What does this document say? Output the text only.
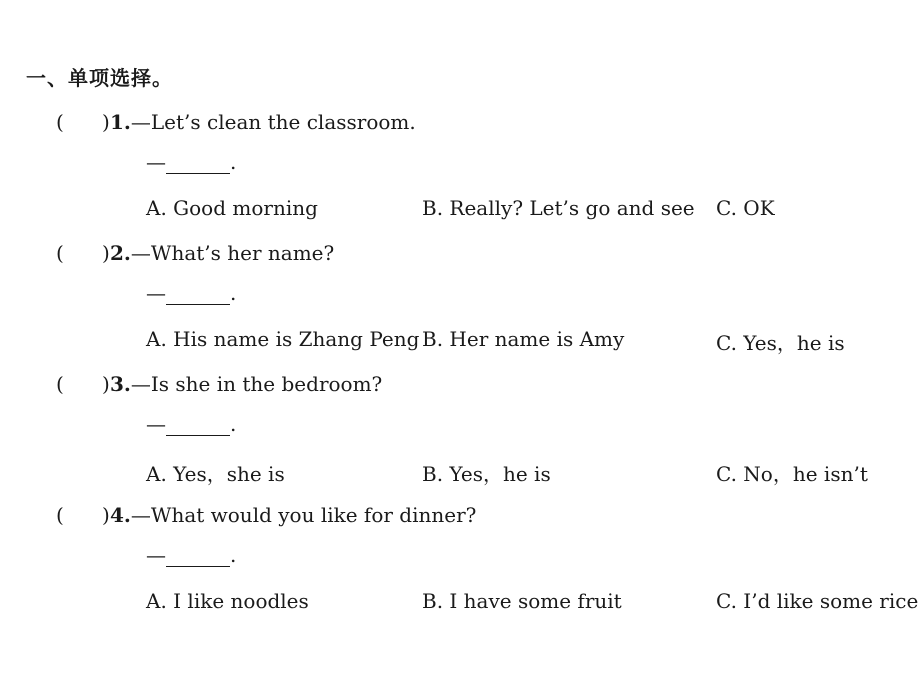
一、单项选择。
(      ) 1.—Let’s clean the classroom.
—	.
A. Good morning	B. Really? Let’s go and see C. OK
(      ) 2.—What’s her name?
—	.
A. His name is Zhang Peng B. Her name is Amy	C. Yes，he is
(      ) 3.—Is she in the bedroom?
—	.
A. Yes，she is	B. Yes，he is	C. No，he isn’t
(      ) 4.—What would you like for dinner?
—	.
A. I like noodles	B. I have some fruit	C. I’d like some rice
